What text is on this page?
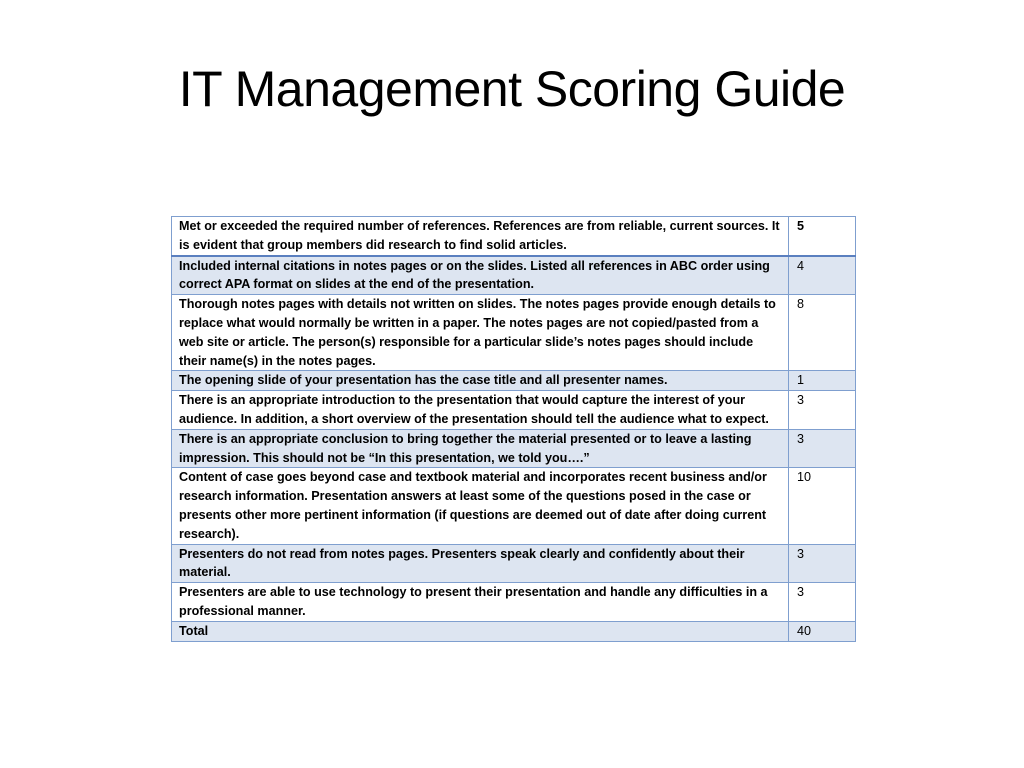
IT Management Scoring Guide
Met or exceeded the required number of references. References are from reliable, current sources. It is evident that group members did research to find solid articles.	5
Included internal citations in notes pages or on the slides. Listed all references in ABC order using correct APA format on slides at the end of the presentation.	4
Thorough notes pages with details not written on slides. The notes pages provide enough details to replace what would normally be written in a paper. The notes pages are not copied/pasted from a web site or article. The person(s) responsible for a particular slide’s notes pages should include their name(s) in the notes pages.	8
The opening slide of your presentation has the case title and all presenter names.	1
There is an appropriate introduction to the presentation that would capture the interest of your audience. In addition, a short overview of the presentation should tell the audience what to expect.	3
There is an appropriate conclusion to bring together the material presented or to leave a lasting impression. This should not be “In this presentation, we told you….”	3
Content of case goes beyond case and textbook material and incorporates recent business and/or research information. Presentation answers at least some of the questions posed in the case or presents other more pertinent information (if questions are deemed out of date after doing current research).	10
Presenters do not read from notes pages. Presenters speak clearly and confidently about their material.	3
Presenters are able to use technology to present their presentation and handle any difficulties in a professional manner.	3
Total	40
